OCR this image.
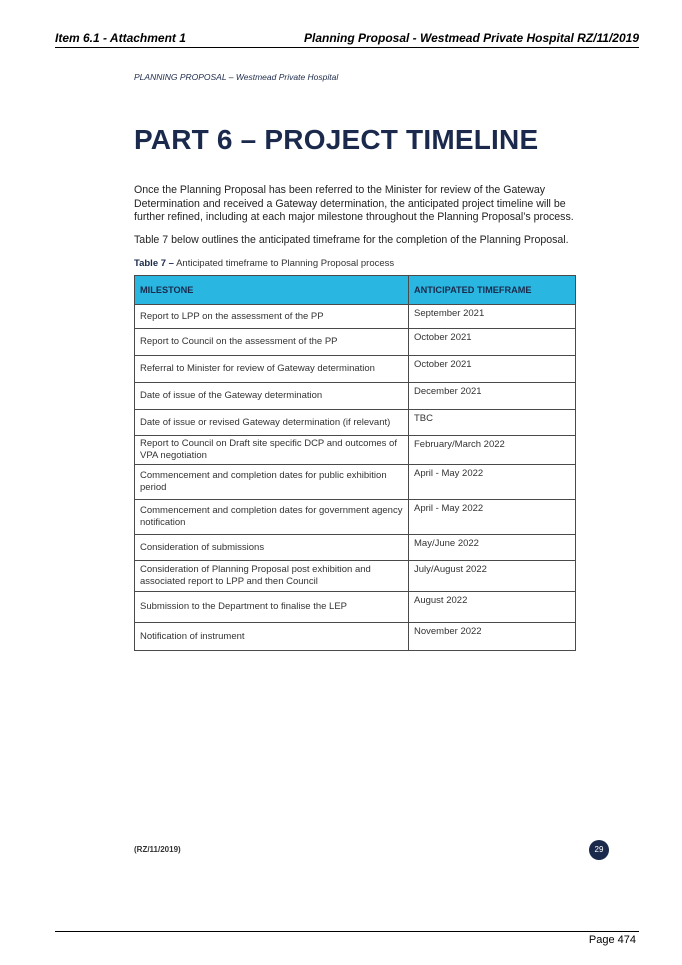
Item 6.1 - Attachment 1	Planning Proposal - Westmead Private Hospital RZ/11/2019
PLANNING PROPOSAL – Westmead Private Hospital
PART 6 – PROJECT TIMELINE

Once the Planning Proposal has been referred to the Minister for review of the Gateway Determination and received a Gateway determination, the anticipated project timeline will be further refined, including at each major milestone throughout the Planning Proposal’s process.

Table 7 below outlines the anticipated timeframe for the completion of the Planning Proposal.

Table 7 – Anticipated timeframe to Planning Proposal process
MILESTONE	ANTICIPATED TIMEFRAME
Report to LPP on the assessment of the PP	September 2021
Report to Council on the assessment of the PP	October 2021
Referral to Minister for review of Gateway determination	October 2021
Date of issue of the Gateway determination	December 2021
Date of issue or revised Gateway determination (if relevant)	TBC
Report to Council on Draft site specific DCP and outcomes of VPA negotiation	February/March 2022
Commencement and completion dates for public exhibition period	April - May 2022
Commencement and completion dates for government agency notification	April - May 2022
Consideration of submissions	May/June 2022
Consideration of Planning Proposal post exhibition and associated report to LPP and then Council	July/August 2022
Submission to the Department to finalise the LEP	August 2022
Notification of instrument	November 2022
(RZ/11/2019)	29
Page 474
